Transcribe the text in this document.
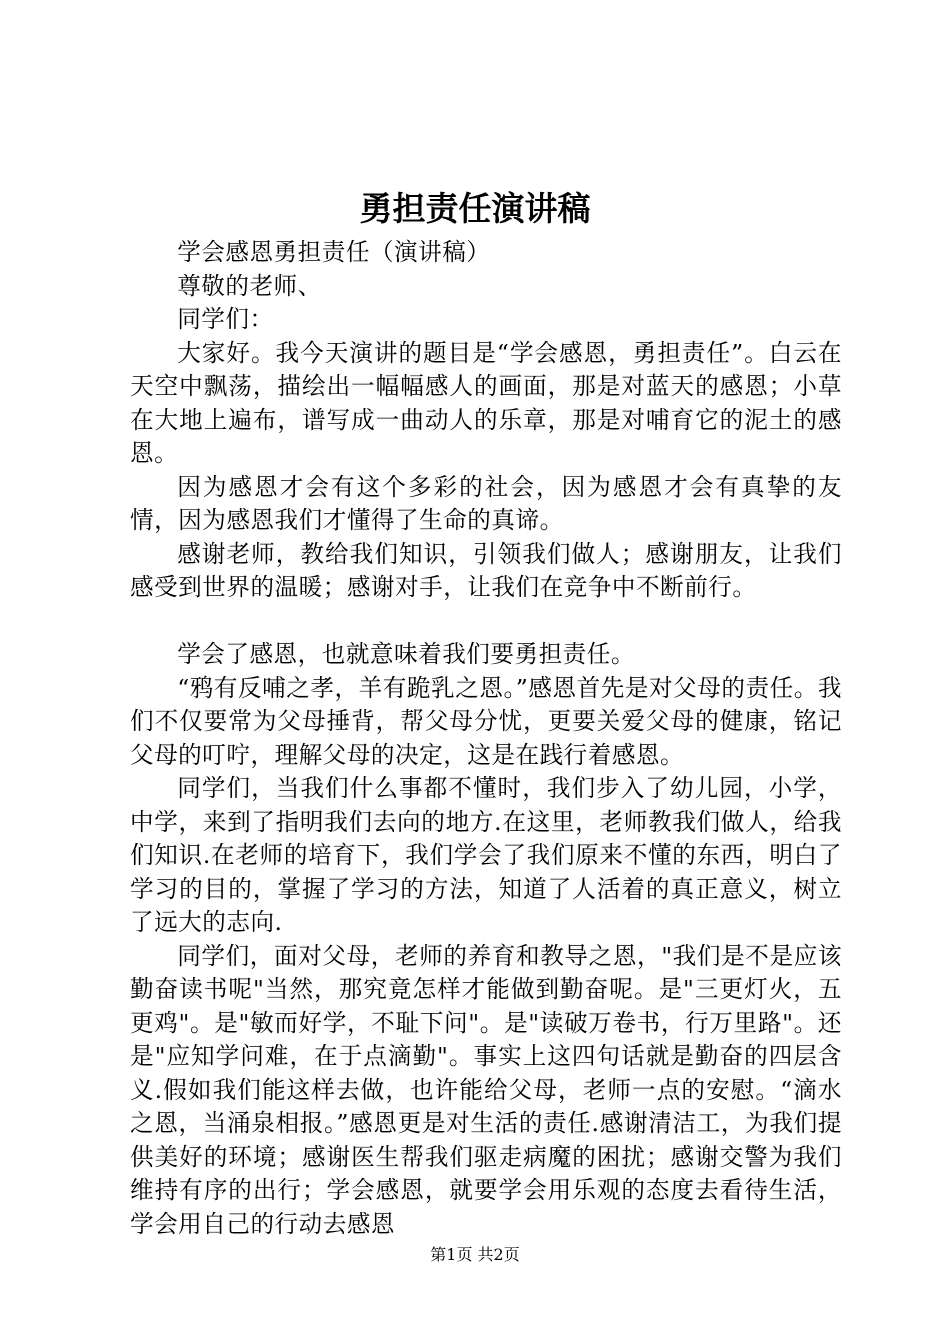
勇担责任演讲稿

学会感恩勇担责任（演讲稿）

尊敬的老师、

同学们：

大家好。我今天演讲的题目是“学会感恩，勇担责任”。白云在天空中飘荡，描绘出一幅幅感人的画面，那是对蓝天的感恩；小草在大地上遍布，谱写成一曲动人的乐章，那是对哺育它的泥土的感恩。

因为感恩才会有这个多彩的社会，因为感恩才会有真挚的友情，因为感恩我们才懂得了生命的真谛。

感谢老师，教给我们知识，引领我们做人；感谢朋友，让我们感受到世界的温暖；感谢对手，让我们在竞争中不断前行。

学会了感恩，也就意味着我们要勇担责任。

“鸦有反哺之孝，羊有跪乳之恩。”感恩首先是对父母的责任。我们不仅要常为父母捶背，帮父母分忧，更要关爱父母的健康，铭记父母的叮咛，理解父母的决定，这是在践行着感恩。

同学们，当我们什么事都不懂时，我们步入了幼儿园，小学，中学，来到了指明我们去向的地方.在这里，老师教我们做人，给我们知识.在老师的培育下，我们学会了我们原来不懂的东西，明白了学习的目的，掌握了学习的方法，知道了人活着的真正意义，树立了远大的志向.

同学们，面对父母，老师的养育和教导之恩，"我们是不是应该勤奋读书呢"当然，那究竟怎样才能做到勤奋呢。是"三更灯火，五更鸡"。是"敏而好学，不耻下问"。是"读破万卷书，行万里路"。还是"应知学问难，在于点滴勤"。事实上这四句话就是勤奋的四层含义.假如我们能这样去做，也许能给父母，老师一点的安慰。“滴水之恩，当涌泉相报。”感恩更是对生活的责任.感谢清洁工，为我们提供美好的环境；感谢医生帮我们驱走病魔的困扰；感谢交警为我们维持有序的出行；学会感恩，就要学会用乐观的态度去看待生活，学会用自己的行动去感恩

第1页 共2页
